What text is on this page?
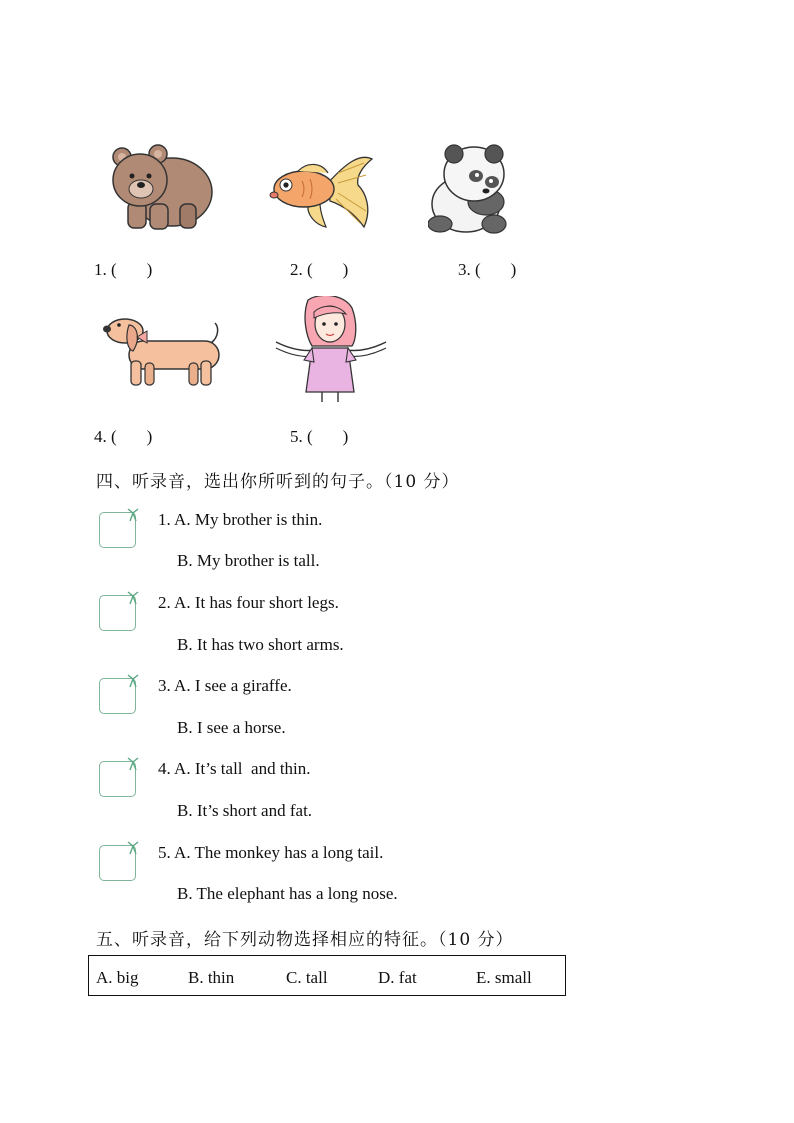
1. ( )	2. ( )	3. ( )
4. ( )	5. ( )
四、听录音，选出你所听到的句子。（10 分）
1. A. My brother is thin.
B. My brother is tall.
2. A. It has four short legs.
B. It has two short arms.
3. A. I see a giraffe.
B. I see a horse.
4. A. It’s tall  and thin.
B. It’s short and fat.
5. A. The monkey has a long tail.
B. The elephant has a long nose.
五、听录音，给下列动物选择相应的特征。（10 分）
A. big	B. thin	C. tall	D. fat	E. small
